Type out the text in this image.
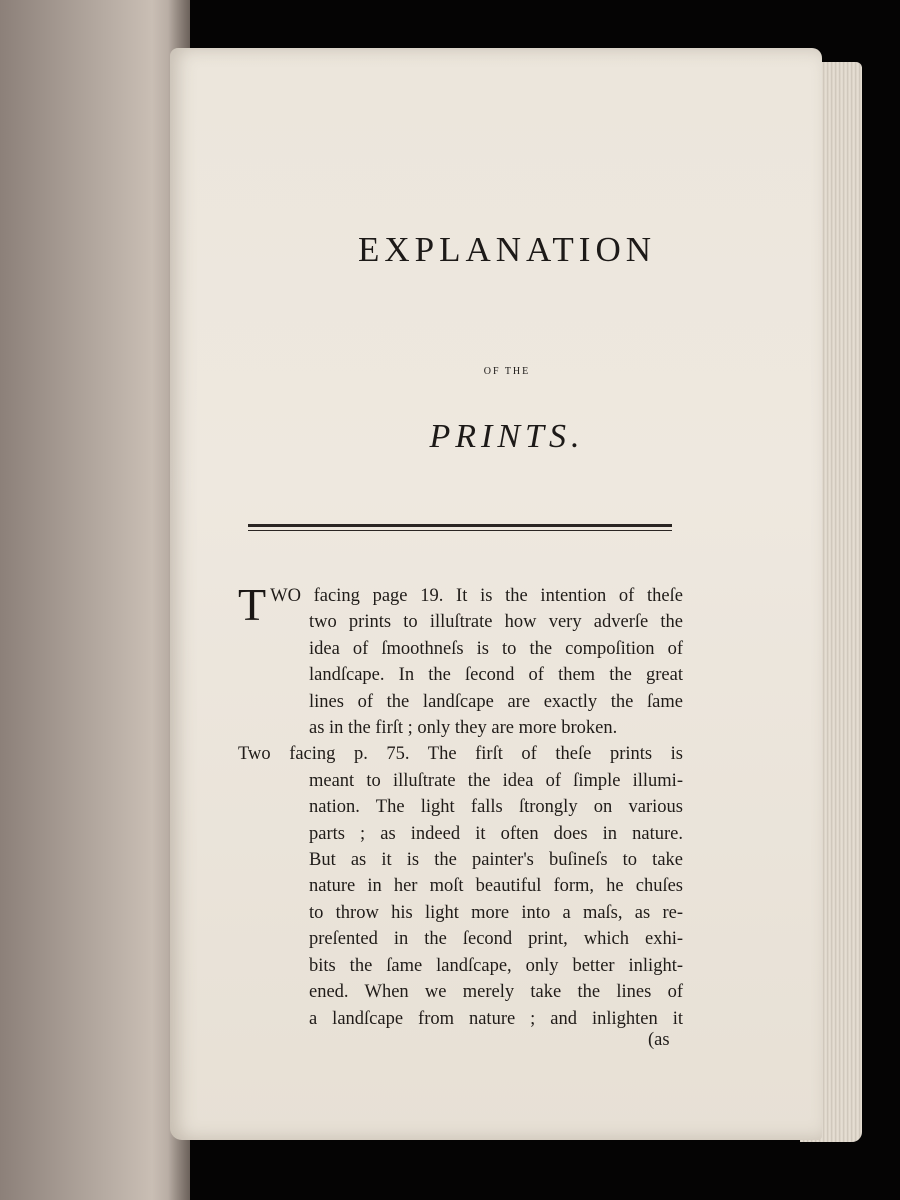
EXPLANATION
OF THE
PRINTS.
T WO facing page 19. It is the intention of theſe
two prints to illuſtrate how very adverſe the
idea of ſmoothneſs is to the compoſition of
landſcape. In the ſecond of them the great
lines of the landſcape are exactly the ſame
as in the firſt ; only they are more broken.
Two facing p. 75. The firſt of theſe prints is
meant to illuſtrate the idea of ſimple illumi-
nation. The light falls ſtrongly on various
parts ; as indeed it often does in nature.
But as it is the painter's buſineſs to take
nature in her moſt beautiful form, he chuſes
to throw his light more into a maſs, as re-
preſented in the ſecond print, which exhi-
bits the ſame landſcape, only better inlight-
ened. When we merely take the lines of
a landſcape from nature ; and inlighten it
(as
